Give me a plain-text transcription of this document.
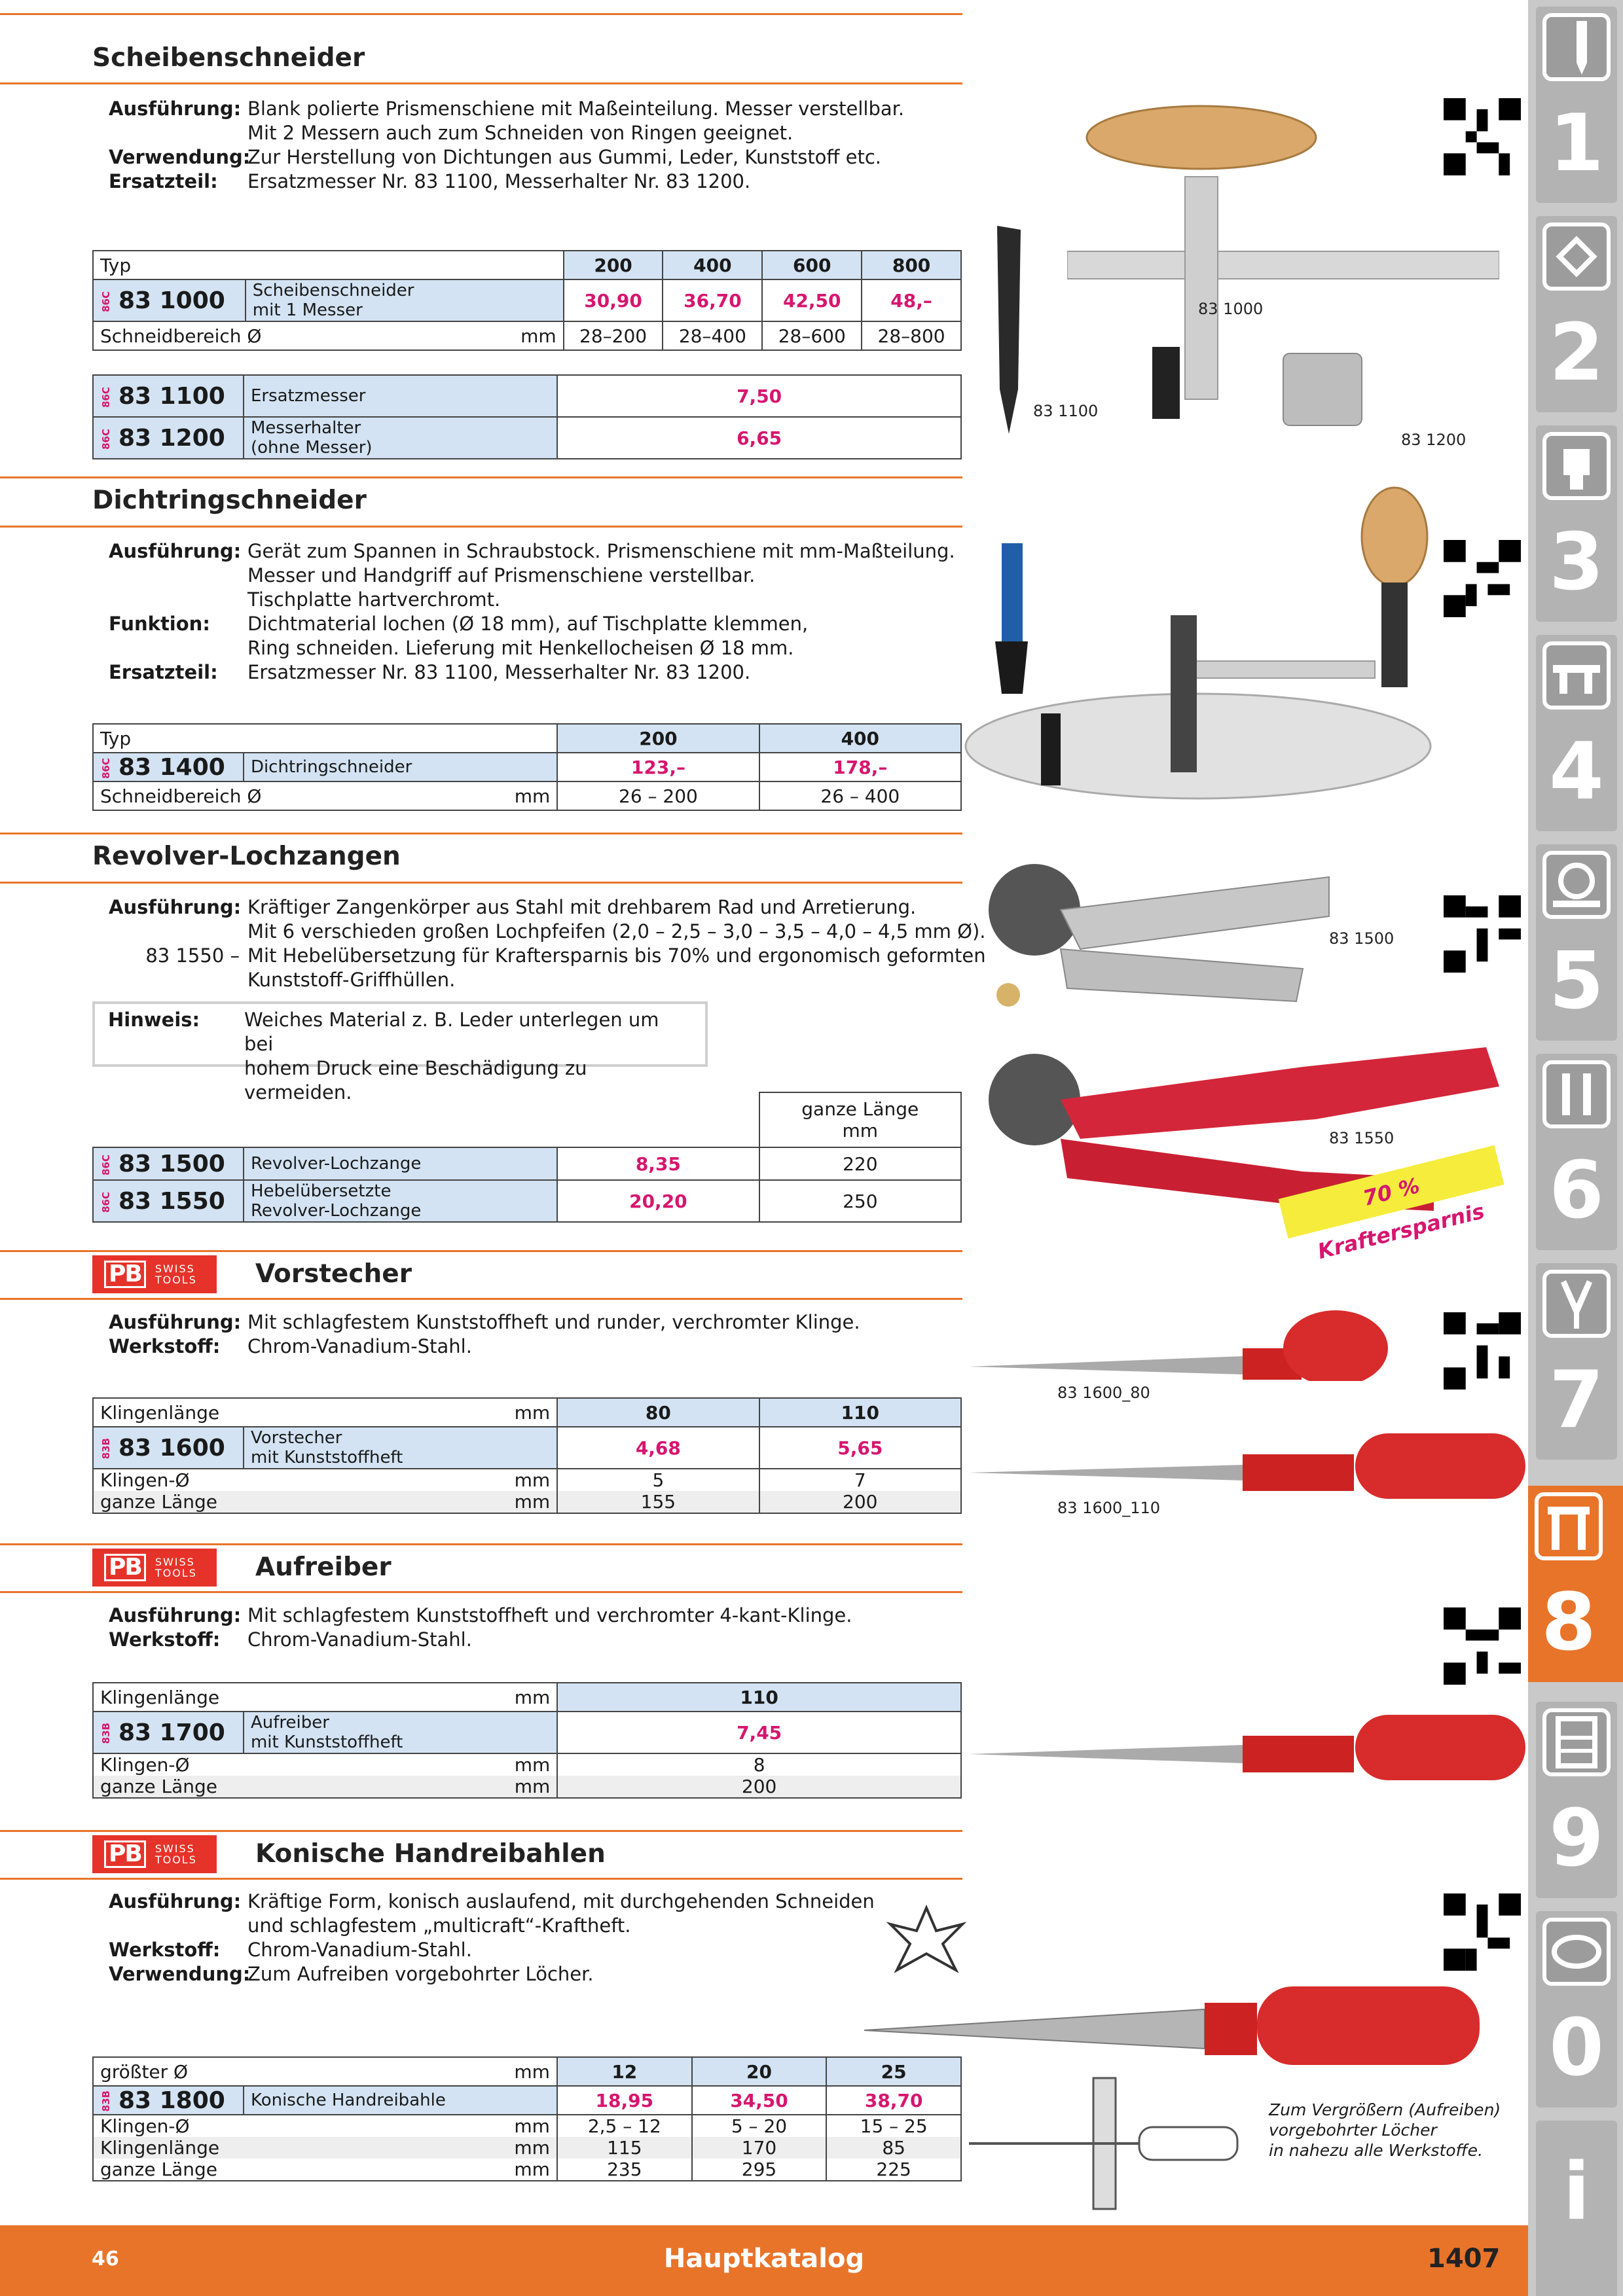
1
2
3
4
5
6
7
8
9
0
i
Scheibenschneider
Ausführung: Blank polierte Prismenschiene mit Maßeinteilung. Messer verstellbar.
Mit 2 Messern auch zum Schneiden von Ringen geeignet.
Verwendung:
Zur Herstellung von Dichtungen aus Gummi, Leder, Kunststoff etc.
Ersatzteil:	Ersatzmesser Nr. 83 1100, Messerhalter Nr. 83 1200.
Typ		200	400	600	800
86C 83 1000	Scheibenschneider
mit 1 Messer	30,90	36,70	42,50	48,–
Schneidbereich Ø mm		28–200	28–400	28–600	28–800
86C 83 1100	Ersatzmesser	7,50
86C 83 1200	Messerhalter
(ohne Messer)	6,65
83 1000
83 1100
83 1200
Dichtringschneider
Ausführung: Gerät zum Spannen in Schraubstock. Prismenschiene mit mm-Maßteilung.
Messer und Handgriff auf Prismenschiene verstellbar.
Tischplatte hartverchromt.
Funktion:	Dichtmaterial lochen (Ø 18 mm), auf Tischplatte klemmen,
Ring schneiden. Lieferung mit Henkellocheisen Ø 18 mm.
Ersatzteil:	Ersatzmesser Nr. 83 1100, Messerhalter Nr. 83 1200.
Typ		200	400
86C 83 1400	Dichtringschneider	123,–	178,–
Schneidbereich Ø mm		26 – 200	26 – 400
Revolver-Lochzangen
Ausführung: Kräftiger Zangenkörper aus Stahl mit drehbarem Rad und Arretierung.
Mit 6 verschieden großen Lochpfeifen (2,0 – 2,5 – 3,0 – 3,5 – 4,0 – 4,5 mm Ø).
83 1550 – Mit Hebelübersetzung für Kraftersparnis bis 70% und ergonomisch geformten
Kunststoff-Griffhüllen.
Hinweis:	Weiches Material z. B. Leder unterlegen um bei
hohem Druck eine Beschädigung zu vermeiden.

			ganze Länge
mm

86C 83 1500	Revolver-Lochzange	8,35	220
86C 83 1550	Hebelübersetzte
Revolver-Lochzange	20,20	250
83 1500
83 1550
70 % Kraftersparnis
PB	SWISS
TOOLS Vorstecher
Ausführung: Mit schlagfestem Kunststoffheft und runder, verchromter Klinge.
Werkstoff:	Chrom-Vanadium-Stahl.
Klingenlänge mm		80	110
83B 83 1600	Vorstecher
mit Kunststoffheft	4,68	5,65
Klingen-Ø mm		5	7
ganze Länge mm		155	200
83 1600_80
83 1600_110
PB	SWISS
TOOLS Aufreiber
Ausführung: Mit schlagfestem Kunststoffheft und verchromter 4-kant-Klinge.
Werkstoff:	Chrom-Vanadium-Stahl.
Klingenlänge mm		110
83B 83 1700	Aufreiber
mit Kunststoffheft	7,45
Klingen-Ø mm		8
ganze Länge mm		200
PB	SWISS
TOOLS Konische Handreibahlen
Ausführung: Kräftige Form, konisch auslaufend, mit durchgehenden Schneiden
und schlagfestem „multicraft“-Kraftheft.
Werkstoff:	Chrom-Vanadium-Stahl.
Verwendung:
Zum Aufreiben vorgebohrter Löcher.
größter Ø mm		12	20	25
83B 83 1800	Konische Handreibahle	18,95	34,50	38,70
Klingen-Ø mm		2,5 – 12	5 – 20	15 – 25
Klingenlänge mm		115	170	85
ganze Länge mm		235	295	225
Zum Vergrößern (Aufreiben)
vorgebohrter Löcher
in nahezu alle Werkstoffe.
46	Hauptkatalog	1407
